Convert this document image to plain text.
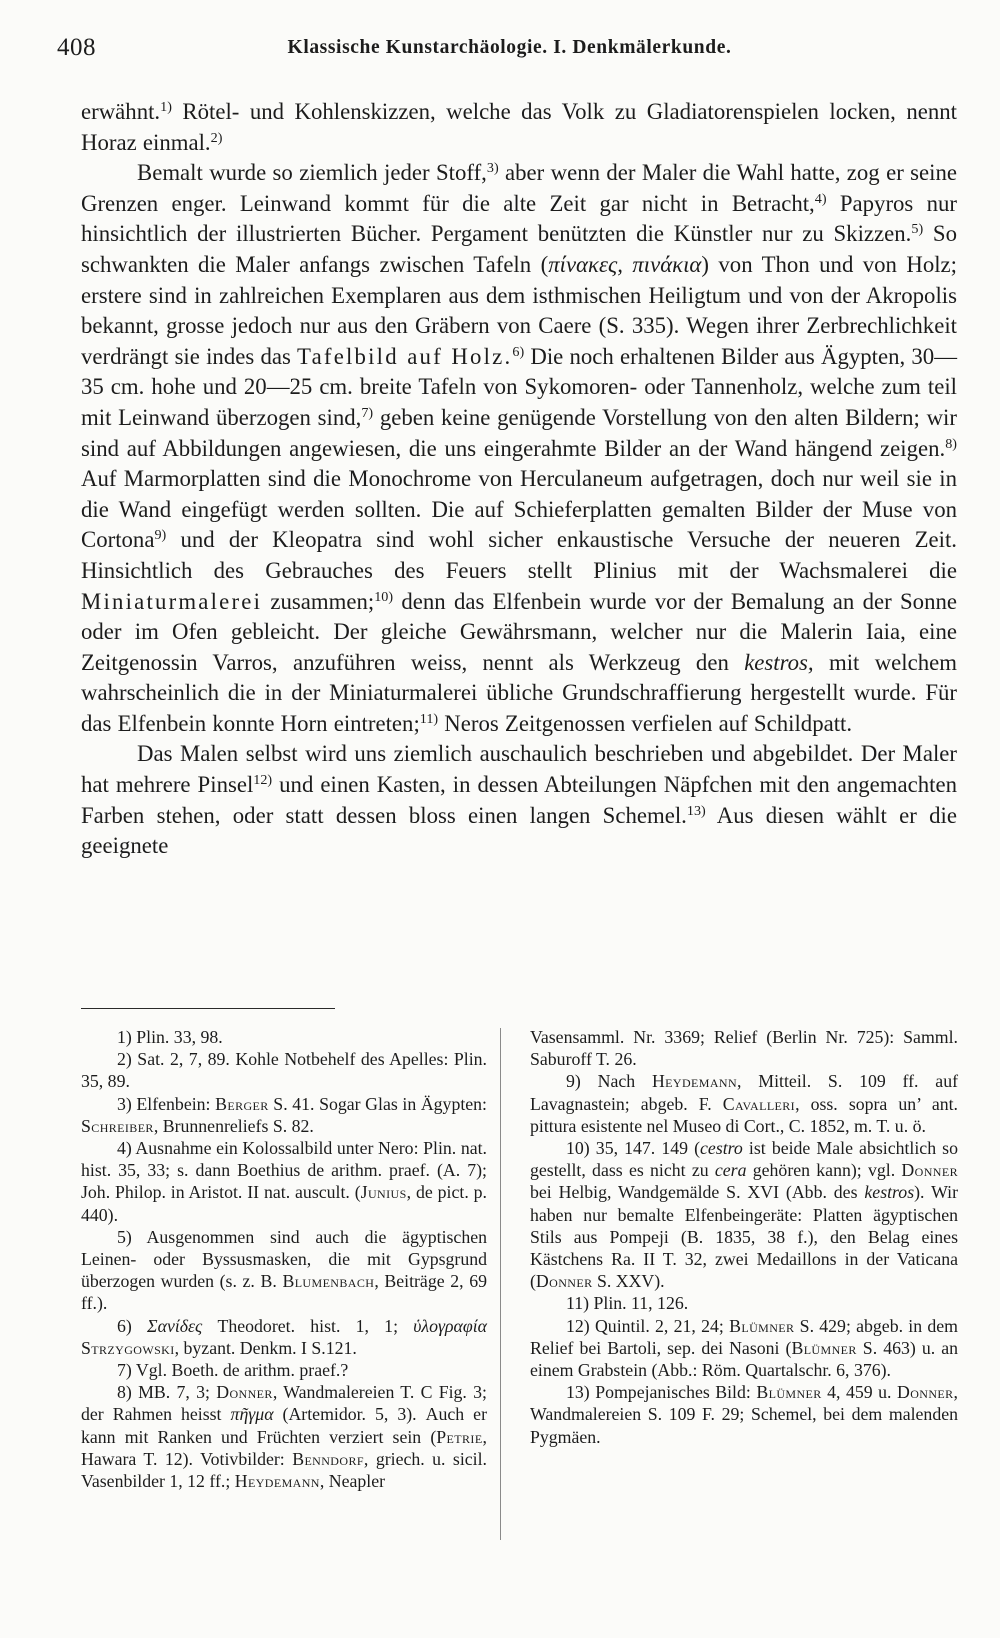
408	Klassische Kunstarchäologie. I. Denkmälerkunde.

erwähnt.$^{1)}$ Rötel- und Kohlenskizzen, welche das Volk zu Gladiatorenspielen locken, nennt Horaz einmal.$^{2)}$

Bemalt wurde so ziemlich jeder Stoff,$^{3)}$ aber wenn der Maler die Wahl hatte, zog er seine Grenzen enger. Leinwand kommt für die alte Zeit gar nicht in Betracht,$^{4)}$ Papyros nur hinsichtlich der illustrierten Bücher. Pergament benützten die Künstler nur zu Skizzen.$^{5)}$ So schwankten die Maler anfangs zwischen Tafeln (πίνακες, πινάκια) von Thon und von Holz; erstere sind in zahlreichen Exemplaren aus dem isthmischen Heiligtum und von der Akropolis bekannt, grosse jedoch nur aus den Gräbern von Caere (S. 335). Wegen ihrer Zerbrechlichkeit verdrängt sie indes das Tafelbild auf Holz.$^{6)}$ Die noch erhaltenen Bilder aus Ägypten, 30—35 cm. hohe und 20—25 cm. breite Tafeln von Sykomoren- oder Tannenholz, welche zum teil mit Leinwand überzogen sind,$^{7)}$ geben keine genügende Vorstellung von den alten Bildern; wir sind auf Abbildungen angewiesen, die uns eingerahmte Bilder an der Wand hängend zeigen.$^{8)}$ Auf Marmorplatten sind die Monochrome von Herculaneum aufgetragen, doch nur weil sie in die Wand eingefügt werden sollten. Die auf Schieferplatten gemalten Bilder der Muse von Cortona$^{9)}$ und der Kleopatra sind wohl sicher enkaustische Versuche der neueren Zeit. Hinsichtlich des Gebrauches des Feuers stellt Plinius mit der Wachsmalerei die Miniaturmalerei zusammen;$^{10)}$ denn das Elfenbein wurde vor der Bemalung an der Sonne oder im Ofen gebleicht. Der gleiche Gewährsmann, welcher nur die Malerin Iaia, eine Zeitgenossin Varros, anzuführen weiss, nennt als Werkzeug den kestros, mit welchem wahrscheinlich die in der Miniaturmalerei übliche Grundschraffierung hergestellt wurde. Für das Elfenbein konnte Horn eintreten;$^{11)}$ Neros Zeitgenossen verfielen auf Schildpatt.

Das Malen selbst wird uns ziemlich auschaulich beschrieben und abgebildet. Der Maler hat mehrere Pinsel$^{12)}$ und einen Kasten, in dessen Abteilungen Näpfchen mit den angemachten Farben stehen, oder statt dessen bloss einen langen Schemel.$^{13)}$ Aus diesen wählt er die geeignete

1) Plin. 33, 98.

2) Sat. 2, 7, 89. Kohle Notbehelf des Apelles: Plin. 35, 89.

3) Elfenbein: Berger S. 41. Sogar Glas in Ägypten: Schreiber, Brunnenreliefs S. 82.

4) Ausnahme ein Kolossalbild unter Nero: Plin. nat. hist. 35, 33; s. dann Boethius de arithm. praef. (A. 7); Joh. Philop. in Aristot. II nat. auscult. (Junius, de pict. p. 440).

5) Ausgenommen sind auch die ägyptischen Leinen- oder Byssusmasken, die mit Gypsgrund überzogen wurden (s. z. B. Blumenbach, Beiträge 2, 69 ff.).

6) Σανίδες Theodoret. hist. 1, 1; ὑλογραφία Strzygowski, byzant. Denkm. I S.121.

7) Vgl. Boeth. de arithm. praef.?

8) MB. 7, 3; Donner, Wandmalereien T. C Fig. 3; der Rahmen heisst πῆγμα (Artemidor. 5, 3). Auch er kann mit Ranken und Früchten verziert sein (Petrie, Hawara T. 12). Votivbilder: Benndorf, griech. u. sicil. Vasenbilder 1, 12 ff.; Heydemann, Neapler

Vasensamml. Nr. 3369; Relief (Berlin Nr. 725): Samml. Saburoff T. 26.

9) Nach Heydemann, Mitteil. S. 109 ff. auf Lavagnastein; abgeb. F. Cavalleri, oss. sopra un’ ant. pittura esistente nel Museo di Cort., C. 1852, m. T. u. ö.

10) 35, 147. 149 (cestro ist beide Male absichtlich so gestellt, dass es nicht zu cera gehören kann); vgl. Donner bei Helbig, Wandgemälde S. XVI (Abb. des kestros). Wir haben nur bemalte Elfenbeingeräte: Platten ägyptischen Stils aus Pompeji (B. 1835, 38 f.), den Belag eines Kästchens Ra. II T. 32, zwei Medaillons in der Vaticana (Donner S. XXV).

11) Plin. 11, 126.

12) Quintil. 2, 21, 24; Blümner S. 429; abgeb. in dem Relief bei Bartoli, sep. dei Nasoni (Blümner S. 463) u. an einem Grabstein (Abb.: Röm. Quartalschr. 6, 376).

13) Pompejanisches Bild: Blümner 4, 459 u. Donner, Wandmalereien S. 109 F. 29; Schemel, bei dem malenden Pygmäen.
